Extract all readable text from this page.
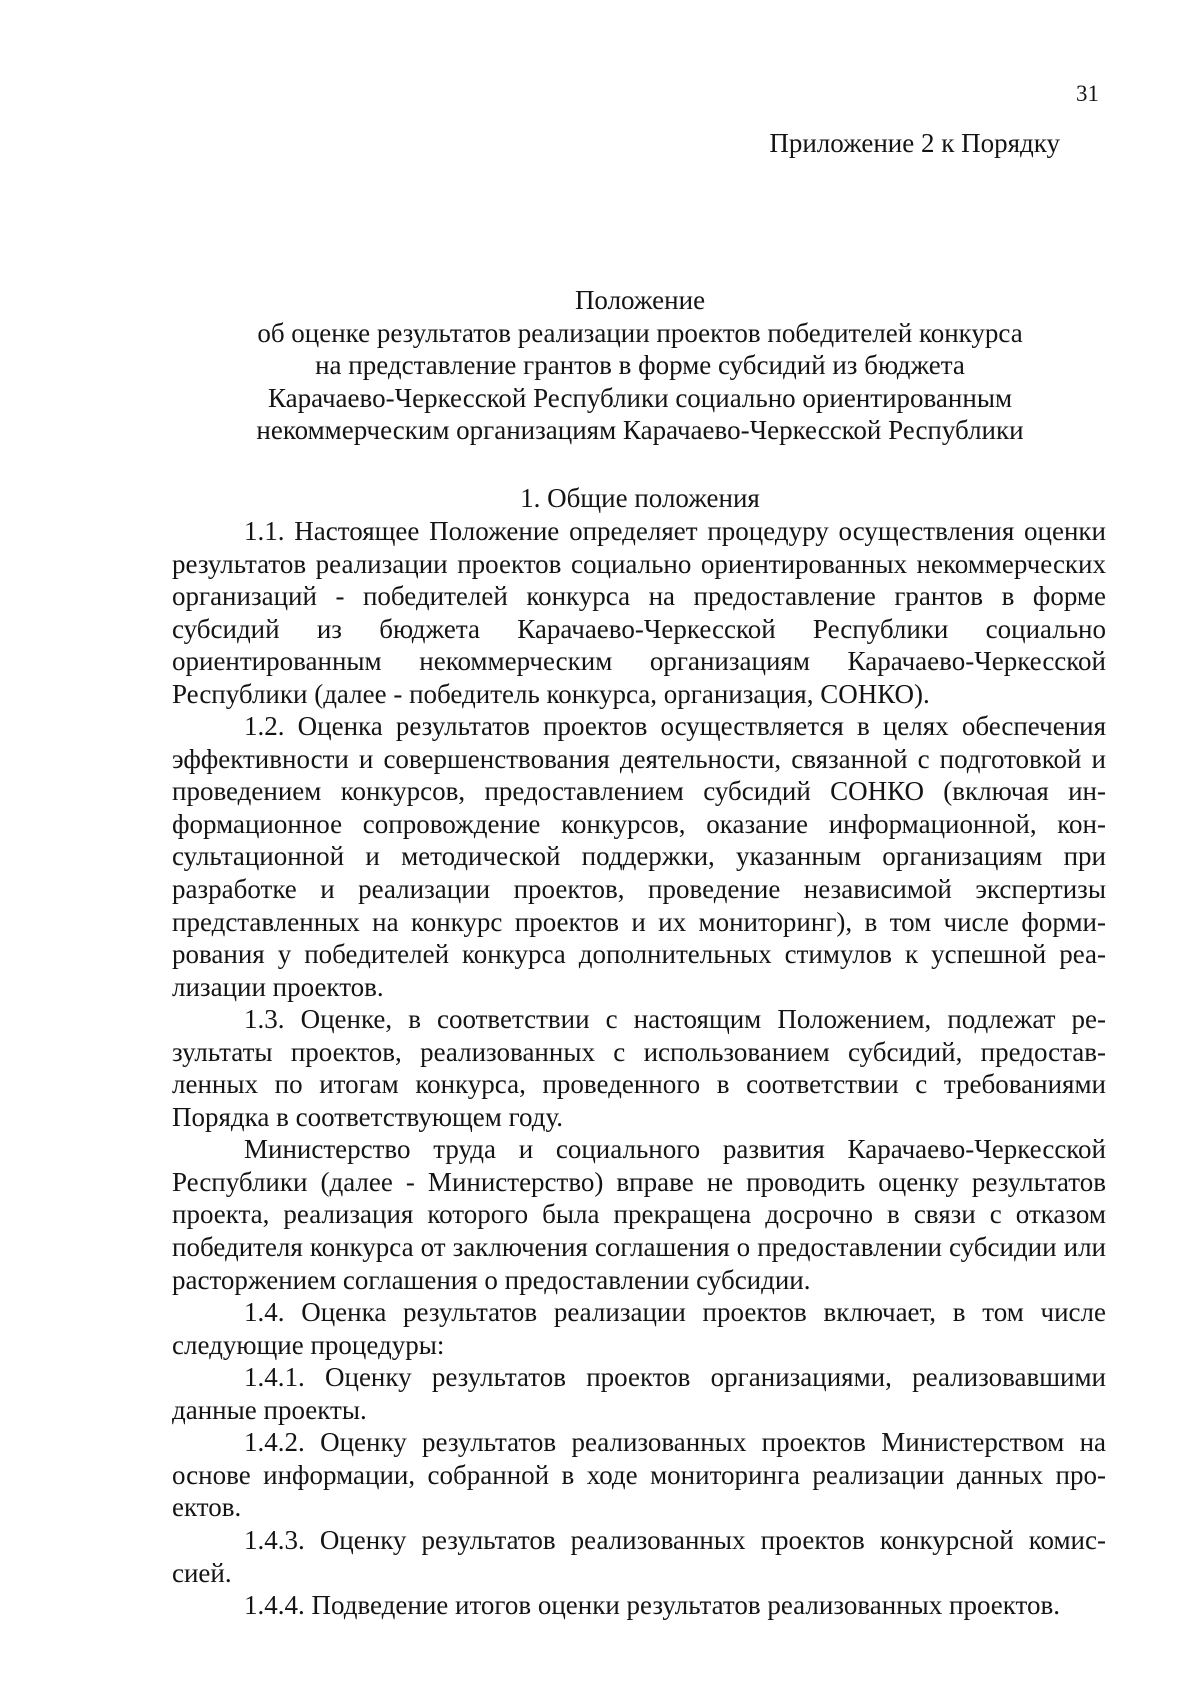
31
Приложение 2 к Порядку
Положение
об оценке результатов реализации проектов победителей конкурса
на представление грантов в форме субсидий из бюджета
Карачаево-Черкесской Республики социально ориентированным
некоммерческим организациям Карачаево-Черкесской Республики
1. Общие положения

1.1. Настоящее Положение определяет процедуру осуществления оценки результатов реализации проектов социально ориентированных некоммерческих организаций - победителей конкурса на предоставление грантов в форме субсидий из бюджета Карачаево-Черкесской Республики социально ориентированным некоммерческим организациям Карачаево-Черкесской Республики (далее - победитель конкурса, организация, СОНКО).

1.2. Оценка результатов проектов осуществляется в целях обеспечения эффективности и совершенствования деятельности, связанной с подготовкой и проведением конкурсов, предоставлением субсидий СОНКО (включая информационное сопровождение конкурсов, оказание информационной, консультационной и методической поддержки, указанным организациям при разработке и реализации проектов, проведение независимой экспертизы представленных на конкурс проектов и их мониторинг), в том числе формирования у победителей конкурса дополнительных стимулов к успешной реализации проектов.

1.3. Оценке, в соответствии с настоящим Положением, подлежат результаты проектов, реализованных с использованием субсидий, предоставленных по итогам конкурса, проведенного в соответствии с требованиями Порядка в соответствующем году.

Министерство труда и социального развития Карачаево-Черкесской Республики (далее - Министерство) вправе не проводить оценку результатов проекта, реализация которого была прекращена досрочно в связи с отказом победителя конкурса от заключения соглашения о предоставлении субсидии или расторжением соглашения о предоставлении субсидии.

1.4. Оценка результатов реализации проектов включает, в том числе следующие процедуры:

1.4.1. Оценку результатов проектов организациями, реализовавшими данные проекты.

1.4.2. Оценку результатов реализованных проектов Министерством на основе информации, собранной в ходе мониторинга реализации данных проектов.

1.4.3. Оценку результатов реализованных проектов конкурсной комиссией.

1.4.4. Подведение итогов оценки результатов реализованных проектов.
